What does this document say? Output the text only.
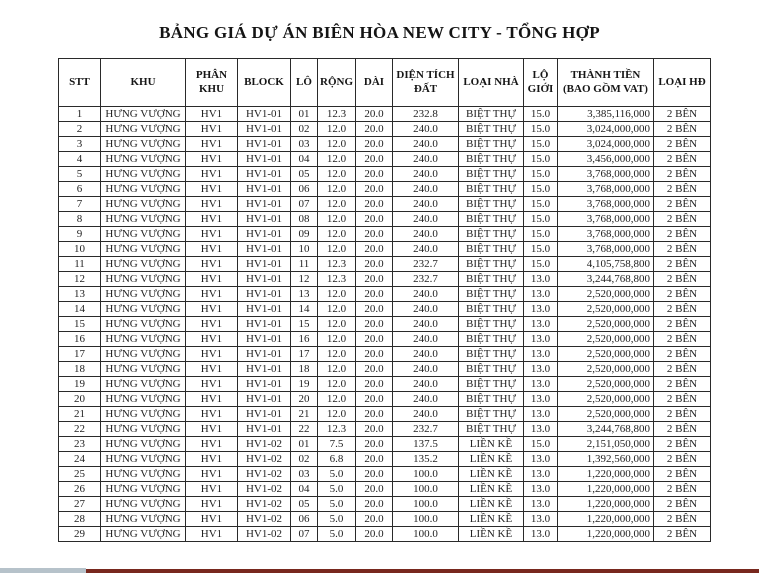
BẢNG GIÁ DỰ ÁN BIÊN HÒA NEW CITY - TỔNG HỢP
STT	KHU	PHÂN KHU	BLOCK	LÔ	RỘNG	DÀI	DIỆN TÍCH ĐẤT	LOẠI NHÀ	LỘ GIỚI	THÀNH TIỀN (BAO GỒM VAT)	LOẠI HĐ
1	HƯNG VƯỢNG	HV1	HV1-01	01	12.3	20.0	232.8	BIỆT THỰ	15.0	3,385,116,000	2 BÊN
2	HƯNG VƯỢNG	HV1	HV1-01	02	12.0	20.0	240.0	BIỆT THỰ	15.0	3,024,000,000	2 BÊN
3	HƯNG VƯỢNG	HV1	HV1-01	03	12.0	20.0	240.0	BIỆT THỰ	15.0	3,024,000,000	2 BÊN
4	HƯNG VƯỢNG	HV1	HV1-01	04	12.0	20.0	240.0	BIỆT THỰ	15.0	3,456,000,000	2 BÊN
5	HƯNG VƯỢNG	HV1	HV1-01	05	12.0	20.0	240.0	BIỆT THỰ	15.0	3,768,000,000	2 BÊN
6	HƯNG VƯỢNG	HV1	HV1-01	06	12.0	20.0	240.0	BIỆT THỰ	15.0	3,768,000,000	2 BÊN
7	HƯNG VƯỢNG	HV1	HV1-01	07	12.0	20.0	240.0	BIỆT THỰ	15.0	3,768,000,000	2 BÊN
8	HƯNG VƯỢNG	HV1	HV1-01	08	12.0	20.0	240.0	BIỆT THỰ	15.0	3,768,000,000	2 BÊN
9	HƯNG VƯỢNG	HV1	HV1-01	09	12.0	20.0	240.0	BIỆT THỰ	15.0	3,768,000,000	2 BÊN
10	HƯNG VƯỢNG	HV1	HV1-01	10	12.0	20.0	240.0	BIỆT THỰ	15.0	3,768,000,000	2 BÊN
11	HƯNG VƯỢNG	HV1	HV1-01	11	12.3	20.0	232.7	BIỆT THỰ	15.0	4,105,758,800	2 BÊN
12	HƯNG VƯỢNG	HV1	HV1-01	12	12.3	20.0	232.7	BIỆT THỰ	13.0	3,244,768,800	2 BÊN
13	HƯNG VƯỢNG	HV1	HV1-01	13	12.0	20.0	240.0	BIỆT THỰ	13.0	2,520,000,000	2 BÊN
14	HƯNG VƯỢNG	HV1	HV1-01	14	12.0	20.0	240.0	BIỆT THỰ	13.0	2,520,000,000	2 BÊN
15	HƯNG VƯỢNG	HV1	HV1-01	15	12.0	20.0	240.0	BIỆT THỰ	13.0	2,520,000,000	2 BÊN
16	HƯNG VƯỢNG	HV1	HV1-01	16	12.0	20.0	240.0	BIỆT THỰ	13.0	2,520,000,000	2 BÊN
17	HƯNG VƯỢNG	HV1	HV1-01	17	12.0	20.0	240.0	BIỆT THỰ	13.0	2,520,000,000	2 BÊN
18	HƯNG VƯỢNG	HV1	HV1-01	18	12.0	20.0	240.0	BIỆT THỰ	13.0	2,520,000,000	2 BÊN
19	HƯNG VƯỢNG	HV1	HV1-01	19	12.0	20.0	240.0	BIỆT THỰ	13.0	2,520,000,000	2 BÊN
20	HƯNG VƯỢNG	HV1	HV1-01	20	12.0	20.0	240.0	BIỆT THỰ	13.0	2,520,000,000	2 BÊN
21	HƯNG VƯỢNG	HV1	HV1-01	21	12.0	20.0	240.0	BIỆT THỰ	13.0	2,520,000,000	2 BÊN
22	HƯNG VƯỢNG	HV1	HV1-01	22	12.3	20.0	232.7	BIỆT THỰ	13.0	3,244,768,800	2 BÊN
23	HƯNG VƯỢNG	HV1	HV1-02	01	7.5	20.0	137.5	LIỀN KỀ	15.0	2,151,050,000	2 BÊN
24	HƯNG VƯỢNG	HV1	HV1-02	02	6.8	20.0	135.2	LIỀN KỀ	13.0	1,392,560,000	2 BÊN
25	HƯNG VƯỢNG	HV1	HV1-02	03	5.0	20.0	100.0	LIỀN KỀ	13.0	1,220,000,000	2 BÊN
26	HƯNG VƯỢNG	HV1	HV1-02	04	5.0	20.0	100.0	LIỀN KỀ	13.0	1,220,000,000	2 BÊN
27	HƯNG VƯỢNG	HV1	HV1-02	05	5.0	20.0	100.0	LIỀN KỀ	13.0	1,220,000,000	2 BÊN
28	HƯNG VƯỢNG	HV1	HV1-02	06	5.0	20.0	100.0	LIỀN KỀ	13.0	1,220,000,000	2 BÊN
29	HƯNG VƯỢNG	HV1	HV1-02	07	5.0	20.0	100.0	LIỀN KỀ	13.0	1,220,000,000	2 BÊN
